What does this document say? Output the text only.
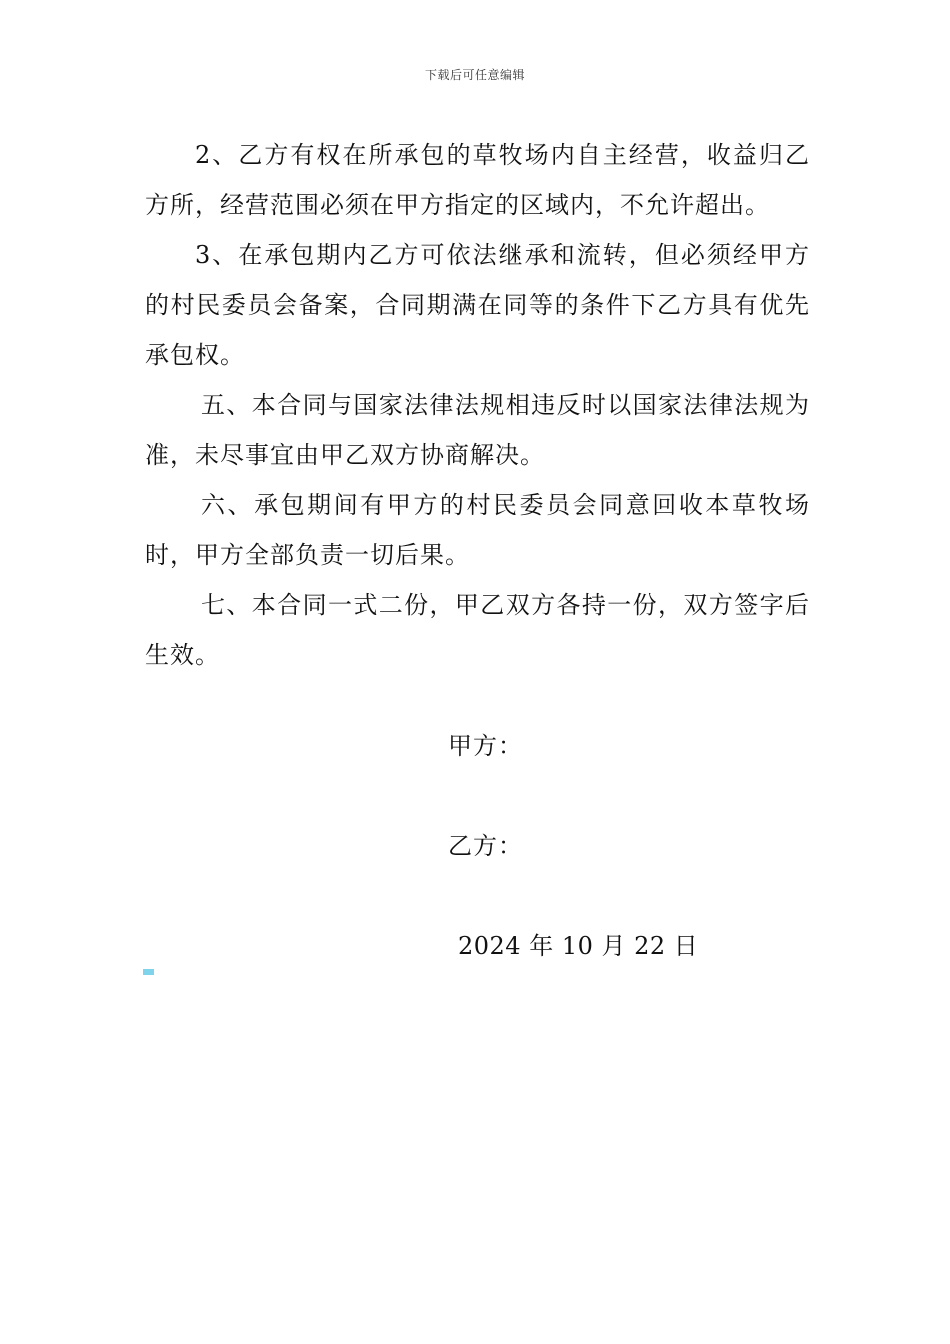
下载后可任意编辑

2、乙方有权在所承包的草牧场内自主经营，收益归乙方所，经营范围必须在甲方指定的区域内，不允许超出。

3、在承包期内乙方可依法继承和流转，但必须经甲方的村民委员会备案，合同期满在同等的条件下乙方具有优先承包权。

五、本合同与国家法律法规相违反时以国家法律法规为准，未尽事宜由甲乙双方协商解决。

六、承包期间有甲方的村民委员会同意回收本草牧场时，甲方全部负责一切后果。

七、本合同一式二份，甲乙双方各持一份，双方签字后生效。

甲方：
乙方：
2024 年 10 月 22 日
